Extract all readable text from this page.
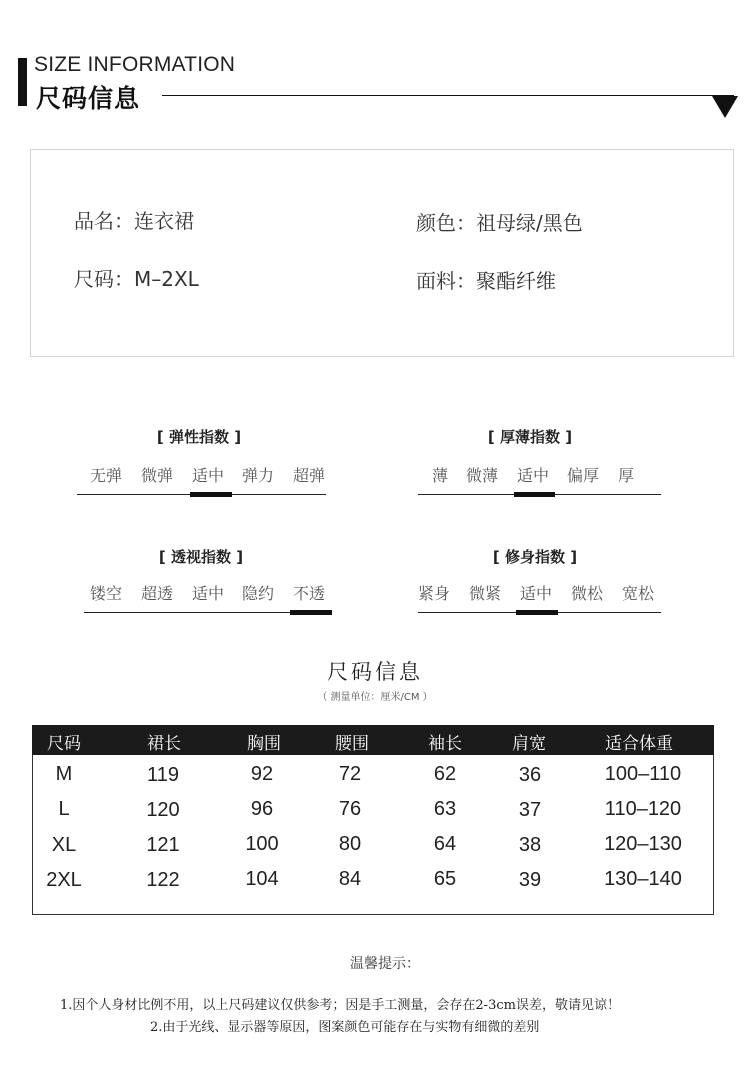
SIZE INFORMATION
尺码信息
品名：连衣裙	颜色：祖母绿/黑色
尺码：M–2XL	面料：聚酯纤维
[ 弹性指数 ]
无弹 微弹 适中 弹力 超弹
[ 厚薄指数 ]
薄 微薄 适中 偏厚 厚
[ 透视指数 ]
镂空 超透 适中 隐约 不透
[ 修身指数 ]
紧身 微紧 适中 微松 宽松
尺码信息
（ 测量单位：厘米/CM ）
尺码	裙长	胸围	腰围	袖长	肩宽	适合体重
M	119	92	72	62	36	100–110
L	120	96	76	63	37	110–120
XL	121	100	80	64	38	120–130
2XL	122	104	84	65	39	130–140
温馨提示：
1.因个人身材比例不用，以上尺码建议仅供参考；因是手工测量，会存在2-3cm误差，敬请见谅！
2.由于光线、显示器等原因，图案颜色可能存在与实物有细微的差别
